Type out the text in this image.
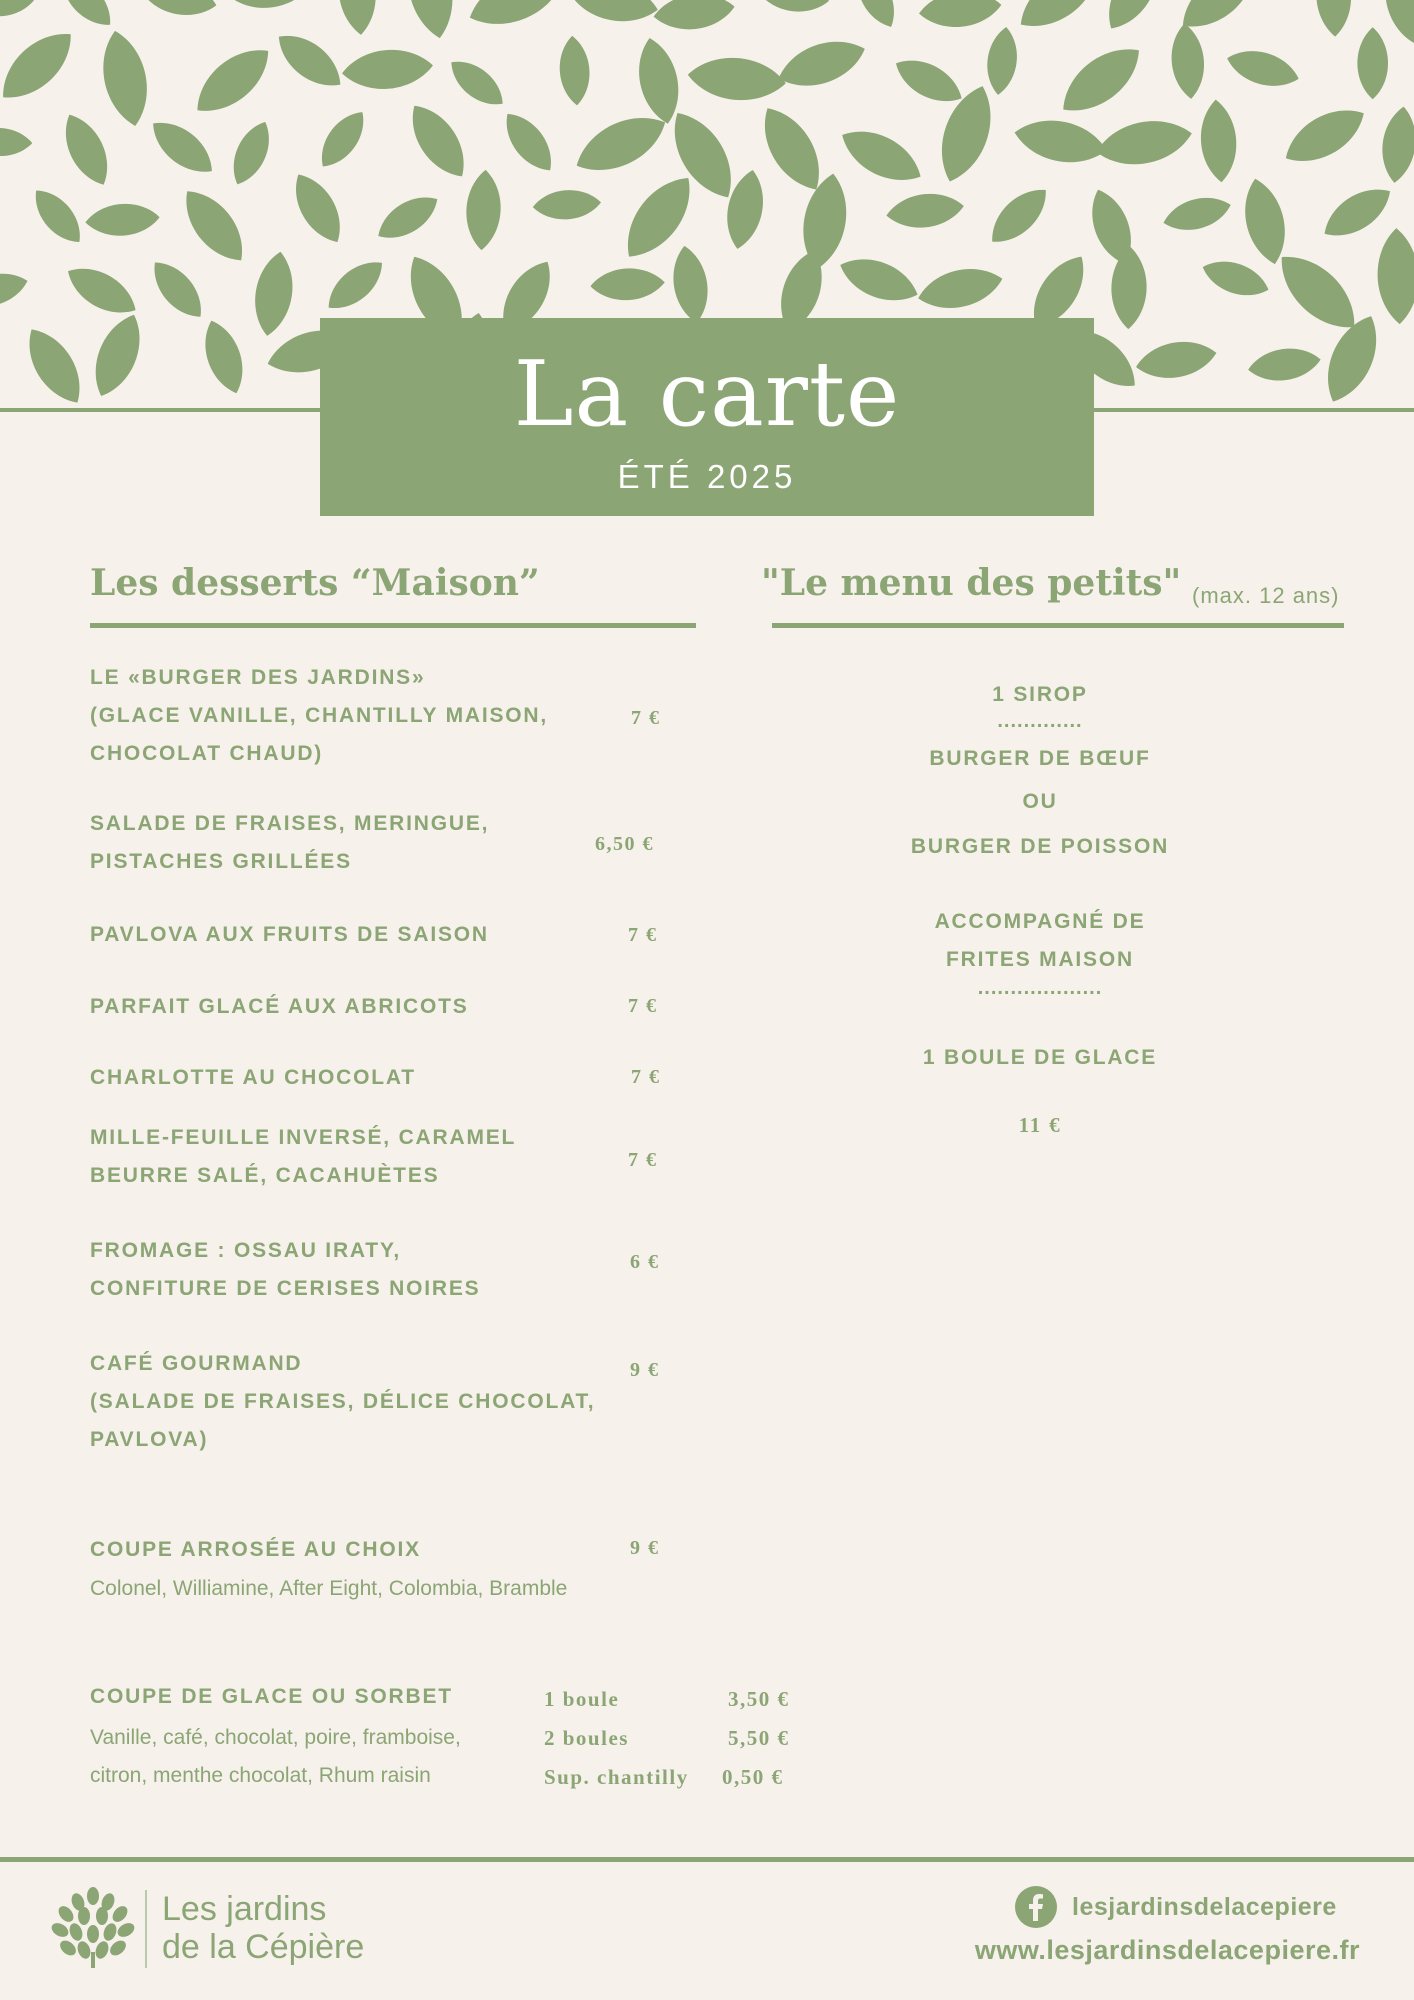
La carte
ÉTÉ 2025
Les desserts “Maison”
LE «BURGER DES JARDINS»
(GLACE VANILLE, CHANTILLY MAISON,
CHOCOLAT CHAUD)
7 €
SALADE DE FRAISES, MERINGUE,
PISTACHES GRILLÉES
6,50 €
PAVLOVA AUX FRUITS DE SAISON	7 €
PARFAIT GLACÉ AUX ABRICOTS	7 €
CHARLOTTE AU CHOCOLAT	7 €
MILLE-FEUILLE INVERSÉ, CARAMEL
BEURRE SALÉ, CACAHUÈTES
7 €
FROMAGE : OSSAU IRATY,
CONFITURE DE CERISES NOIRES
6 €
CAFÉ GOURMAND
(SALADE DE FRAISES, DÉLICE CHOCOLAT,
PAVLOVA)
9 €
COUPE ARROSÉE AU CHOIX	9 €
Colonel, Williamine, After Eight, Colombia, Bramble
COUPE DE GLACE OU SORBET
Vanille, café, chocolat, poire, framboise,
citron, menthe chocolat, Rhum raisin
1 boule	3,50 €
2 boules	5,50 €
Sup. chantilly 0,50 €
"Le menu des petits" (max. 12 ans)
1 SIROP
.............
BURGER DE BŒUF
OU
BURGER DE POISSON
ACCOMPAGNÉ DE
FRITES MAISON
...................
1 BOULE DE GLACE
11 €
Les jardins
de la Cépière
lesjardinsdelacepiere
www.lesjardinsdelacepiere.fr
